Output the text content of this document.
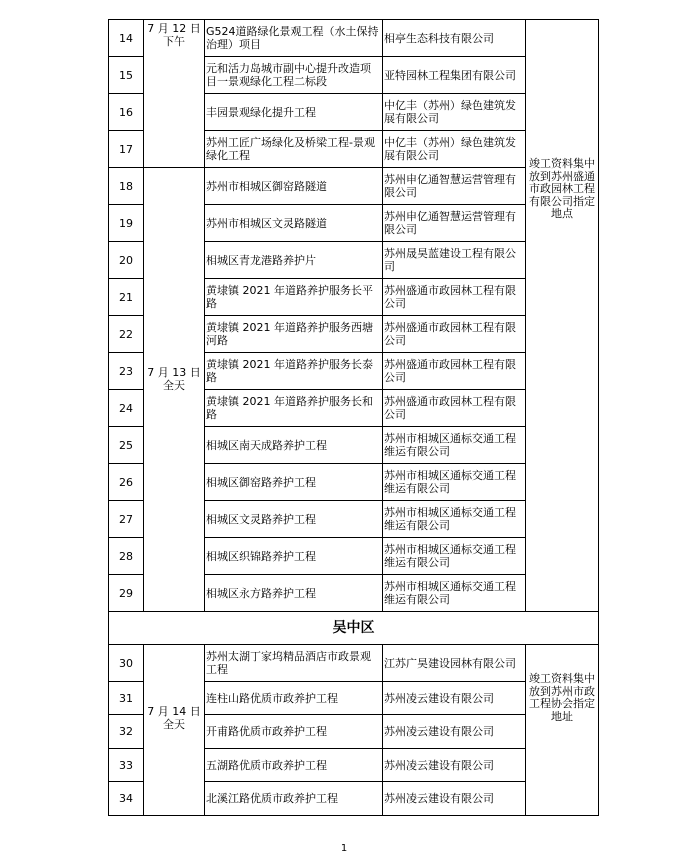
14	7 月 12 日下午	G524道路绿化景观工程（水土保持治理）项目	相亭生态科技有限公司	竣工资料集中放到苏州盛通市政园林工程有限公司指定地点
15		元和活力岛城市副中心提升改造项目一景观绿化工程二标段	亚特园林工程集团有限公司	
16		丰园景观绿化提升工程	中亿丰（苏州）绿色建筑发展有限公司	
17		苏州工匠广场绿化及桥梁工程-景观绿化工程	中亿丰（苏州）绿色建筑发展有限公司	
18	7 月 13 日全天	苏州市相城区御窑路隧道	苏州申亿通智慧运营管理有限公司	
19		苏州市相城区文灵路隧道	苏州申亿通智慧运营管理有限公司	
20		相城区青龙港路养护片	苏州晟昊蓝建设工程有限公司	
21		黄埭镇 2021 年道路养护服务长平路	苏州盛通市政园林工程有限公司	
22		黄埭镇 2021 年道路养护服务西塘河路	苏州盛通市政园林工程有限公司	
23		黄埭镇 2021 年道路养护服务长泰路	苏州盛通市政园林工程有限公司	
24		黄埭镇 2021 年道路养护服务长和路	苏州盛通市政园林工程有限公司	
25		相城区南天成路养护工程	苏州市相城区通标交通工程维运有限公司	
26		相城区御窑路养护工程	苏州市相城区通标交通工程维运有限公司	
27		相城区文灵路养护工程	苏州市相城区通标交通工程维运有限公司	
28		相城区织锦路养护工程	苏州市相城区通标交通工程维运有限公司	
29		相城区永方路养护工程	苏州市相城区通标交通工程维运有限公司	
吴中区				
30	7 月 14 日全天	苏州太湖丁家坞精品酒店市政景观工程	江苏广昊建设园林有限公司	竣工资料集中放到苏州市政工程协会指定地址
31		连柱山路优质市政养护工程	苏州凌云建设有限公司	
32		开甫路优质市政养护工程	苏州凌云建设有限公司	
33		五湖路优质市政养护工程	苏州凌云建设有限公司	
34		北溪江路优质市政养护工程	苏州凌云建设有限公司	
1
